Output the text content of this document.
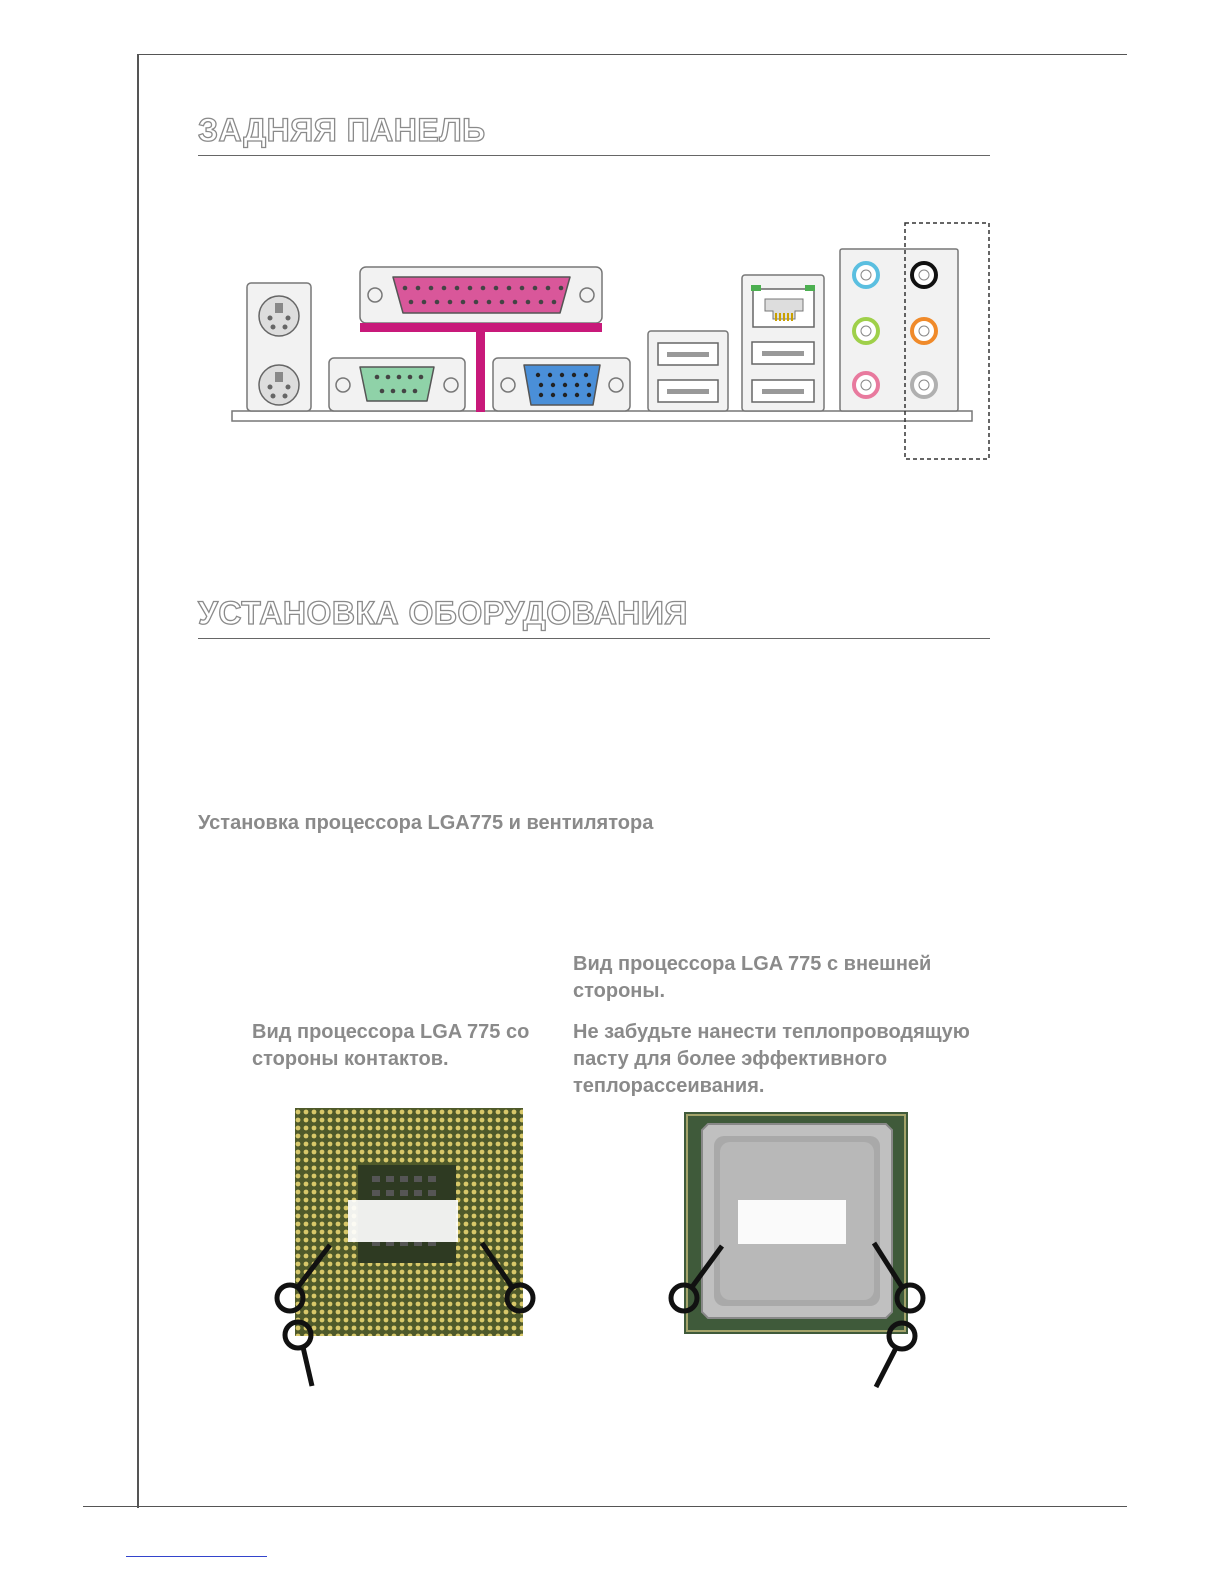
ЗАДНЯЯ ПАНЕЛЬ
УСТАНОВКА ОБОРУДОВАНИЯ
Установка процессора LGA775 и вентилятора
Вид процессора LGA 775 с внешней стороны.
Вид процессора LGA 775 со стороны контактов.
Не забудьте нанести теплопроводящую пасту для более эффективного теплорассеивания.
